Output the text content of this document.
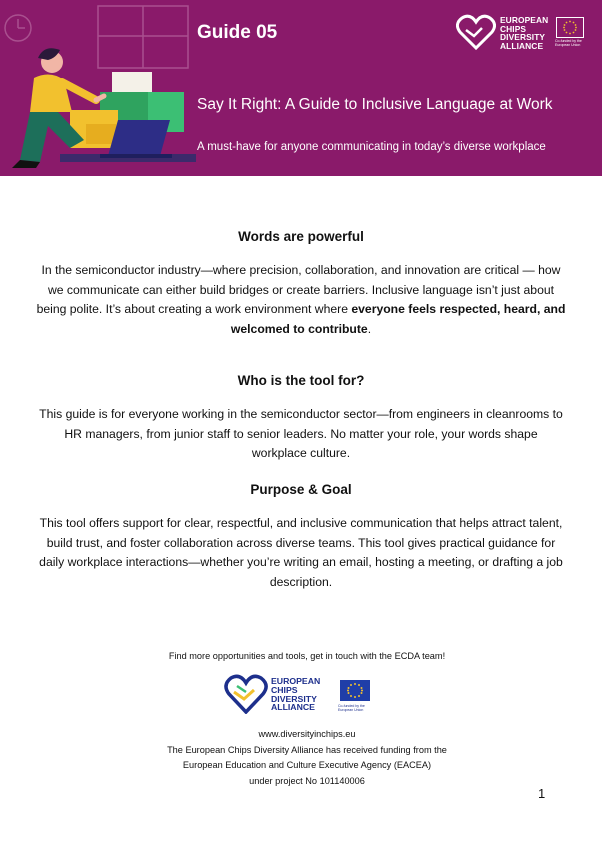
Guide 05
Say It Right: A Guide to Inclusive Language at Work
A must-have for anyone communicating in today’s diverse workplace
EUROPEAN
CHIPS
DIVERSITY
ALLIANCE	Co-funded by the European Union
Words are powerful
In the semiconductor industry—where precision, collaboration, and innovation are critical — how we communicate can either build bridges or create barriers. Inclusive language isn’t just about being polite. It’s about creating a work environment where everyone feels respected, heard, and welcomed to contribute.
Who is the tool for?
This guide is for everyone working in the semiconductor sector—from engineers in cleanrooms to HR managers, from junior staff to senior leaders. No matter your role, your words shape workplace culture.
Purpose & Goal
This tool offers support for clear, respectful, and inclusive communication that helps attract talent, build trust, and foster collaboration across diverse teams. This tool gives practical guidance for daily workplace interactions—whether you’re writing an email, hosting a meeting, or drafting a job description.
Find more opportunities and tools, get in touch with the ECDA team!
EUROPEAN
CHIPS
DIVERSITY
ALLIANCE	Co-funded by the European Union
www.diversityinchips.eu
The European Chips Diversity Alliance has received funding from the
European Education and Culture Executive Agency (EACEA)
under project No 101140006
1
